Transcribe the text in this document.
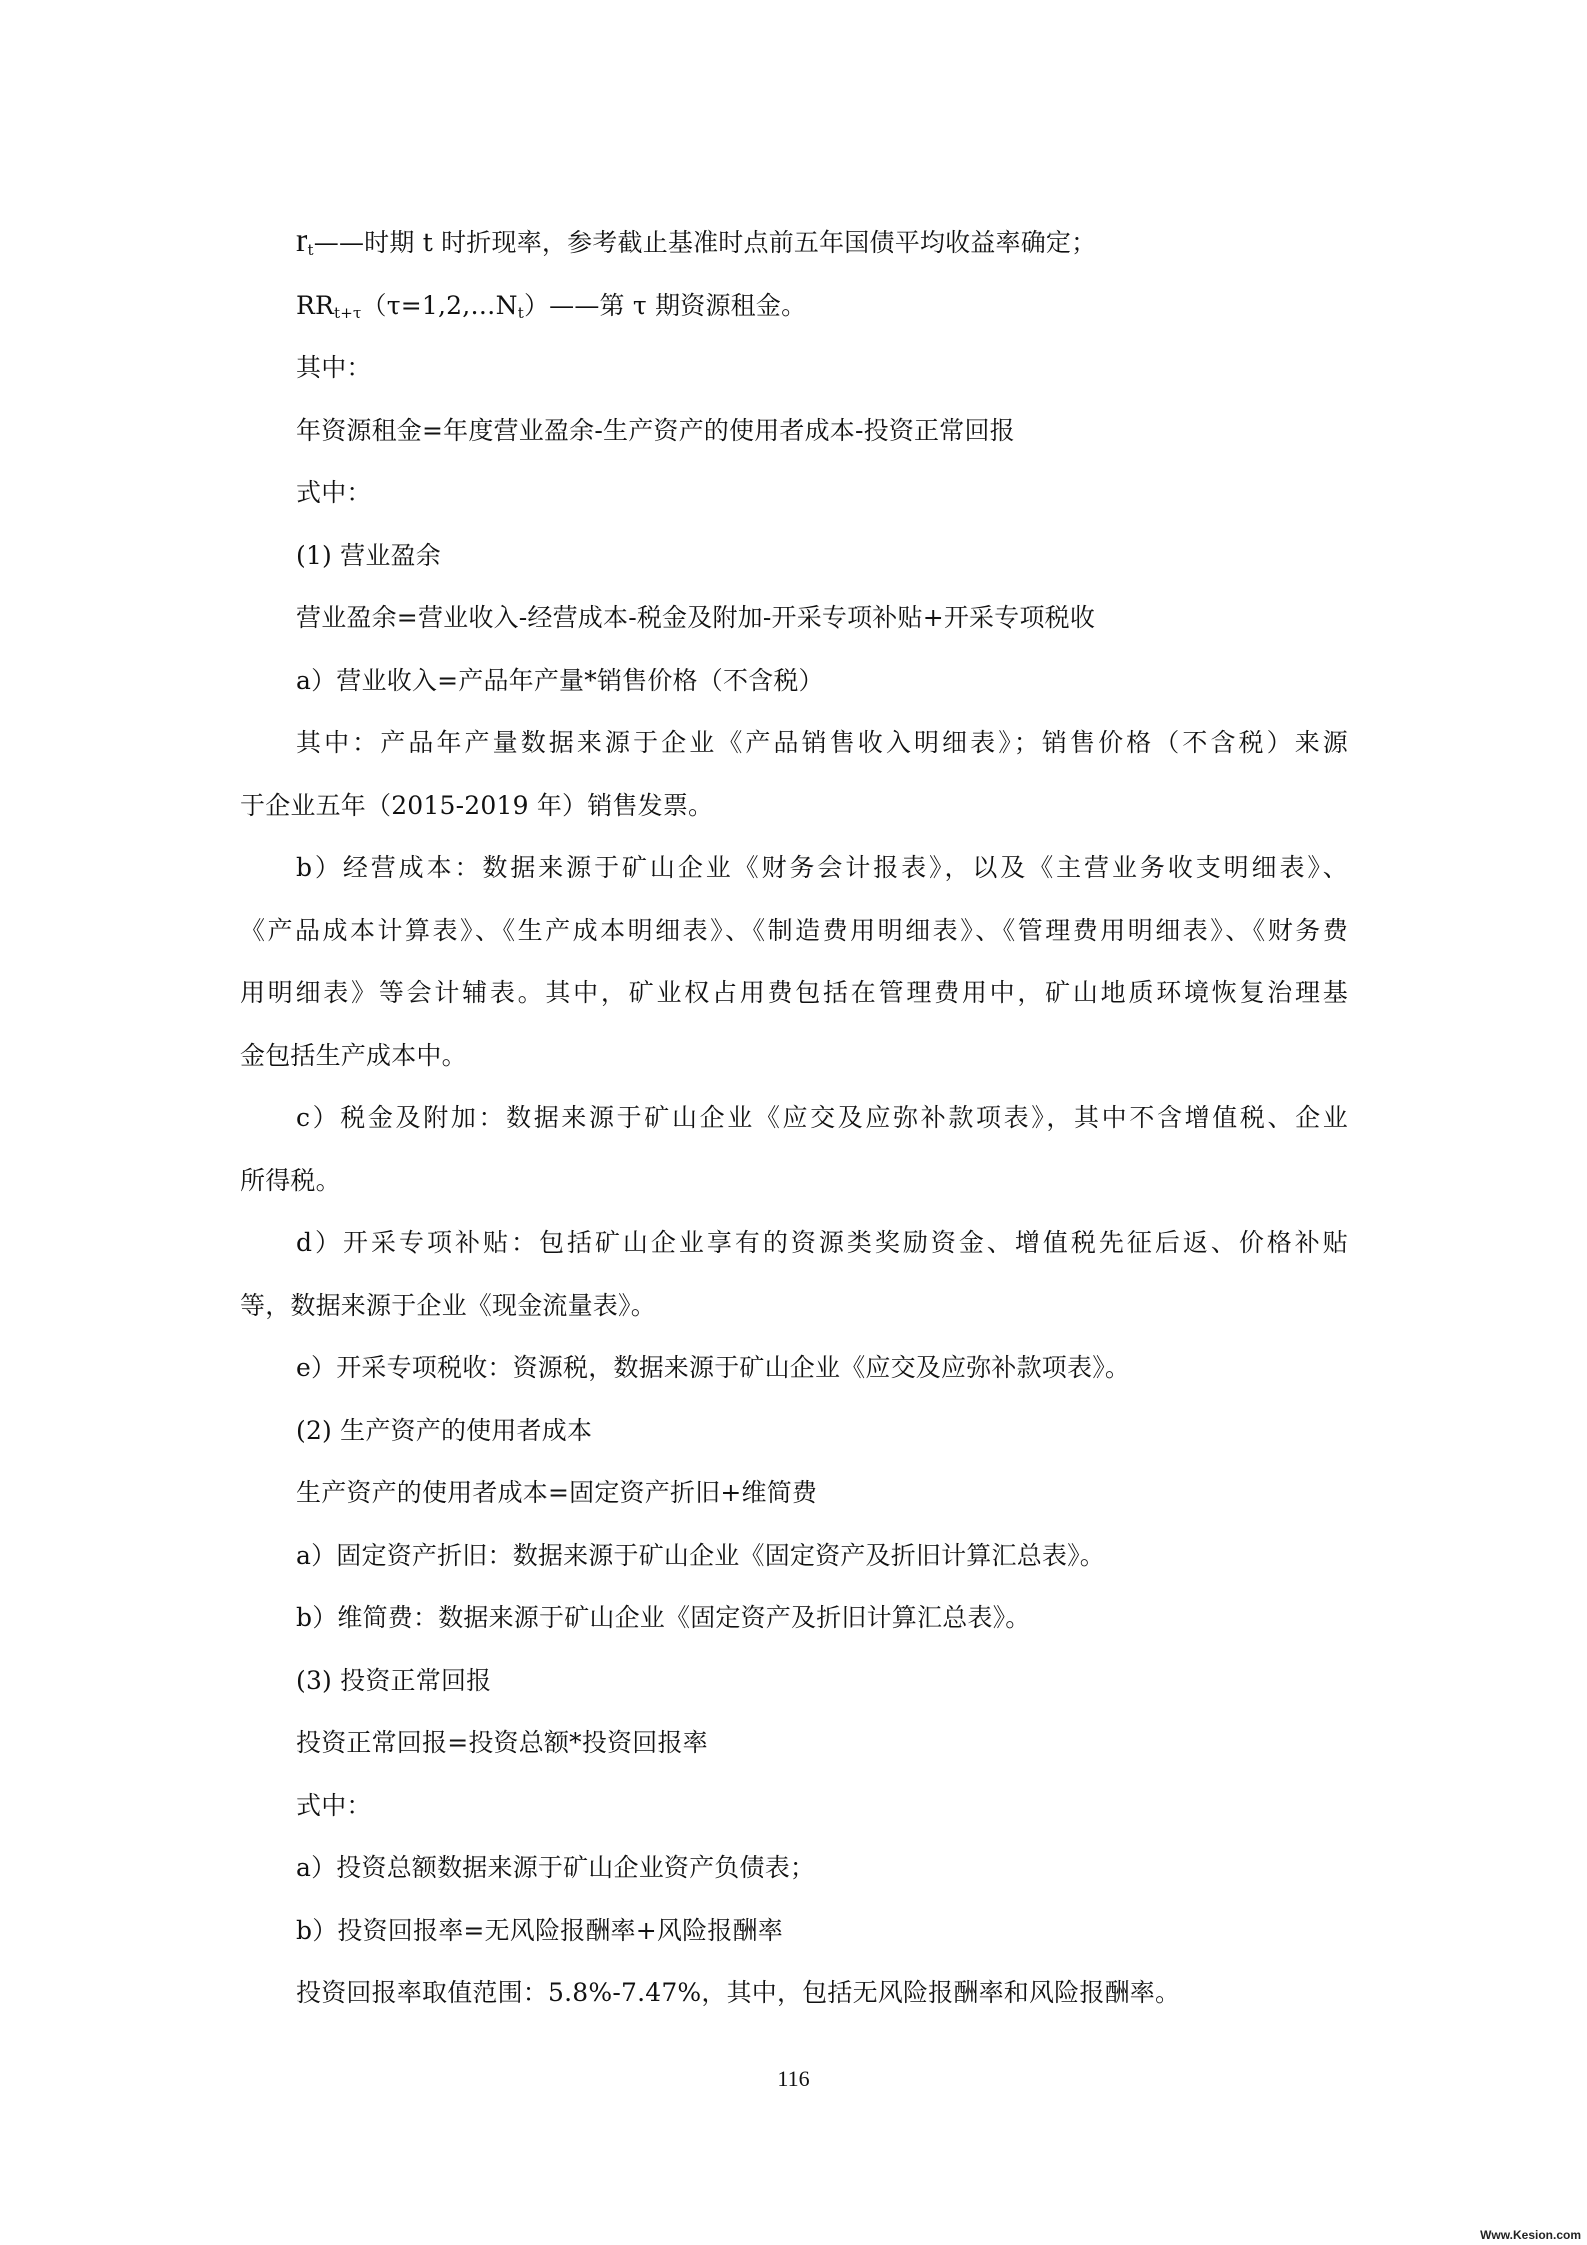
$r_t——$时期 t 时折现率，参考截止基准时点前五年国债平均收益率确定；
$RR_{t+\tau}(\tau=1,2,\dots N_t)——$第 τ 期资源租金。
其中：
年资源租金=年度营业盈余-生产资产的使用者成本-投资正常回报
式中：
(1) 营业盈余
营业盈余=营业收入-经营成本-税金及附加-开采专项补贴+开采专项税收
a）营业收入=产品年产量*销售价格（不含税）
其中：产品年产量数据来源于企业《产品销售收入明细表》；销售价格（不含税）来源
于企业五年（2015-2019 年）销售发票。
b）经营成本：数据来源于矿山企业《财务会计报表》，以及《主营业务收支明细表》、
《产品成本计算表》、《生产成本明细表》、《制造费用明细表》、《管理费用明细表》、《财务费
用明细表》等会计辅表。其中，矿业权占用费包括在管理费用中，矿山地质环境恢复治理基
金包括生产成本中。
c）税金及附加：数据来源于矿山企业《应交及应弥补款项表》，其中不含增值税、企业
所得税。
d）开采专项补贴：包括矿山企业享有的资源类奖励资金、增值税先征后返、价格补贴
等，数据来源于企业《现金流量表》。
e）开采专项税收：资源税，数据来源于矿山企业《应交及应弥补款项表》。
(2) 生产资产的使用者成本
生产资产的使用者成本=固定资产折旧+维简费
a）固定资产折旧：数据来源于矿山企业《固定资产及折旧计算汇总表》。
b）维简费：数据来源于矿山企业《固定资产及折旧计算汇总表》。
(3) 投资正常回报
投资正常回报=投资总额*投资回报率
式中：
a）投资总额数据来源于矿山企业资产负债表；
b）投资回报率=无风险报酬率+风险报酬率
投资回报率取值范围：5.8%-7.47%，其中，包括无风险报酬率和风险报酬率。
116
Www.Kesion.com
